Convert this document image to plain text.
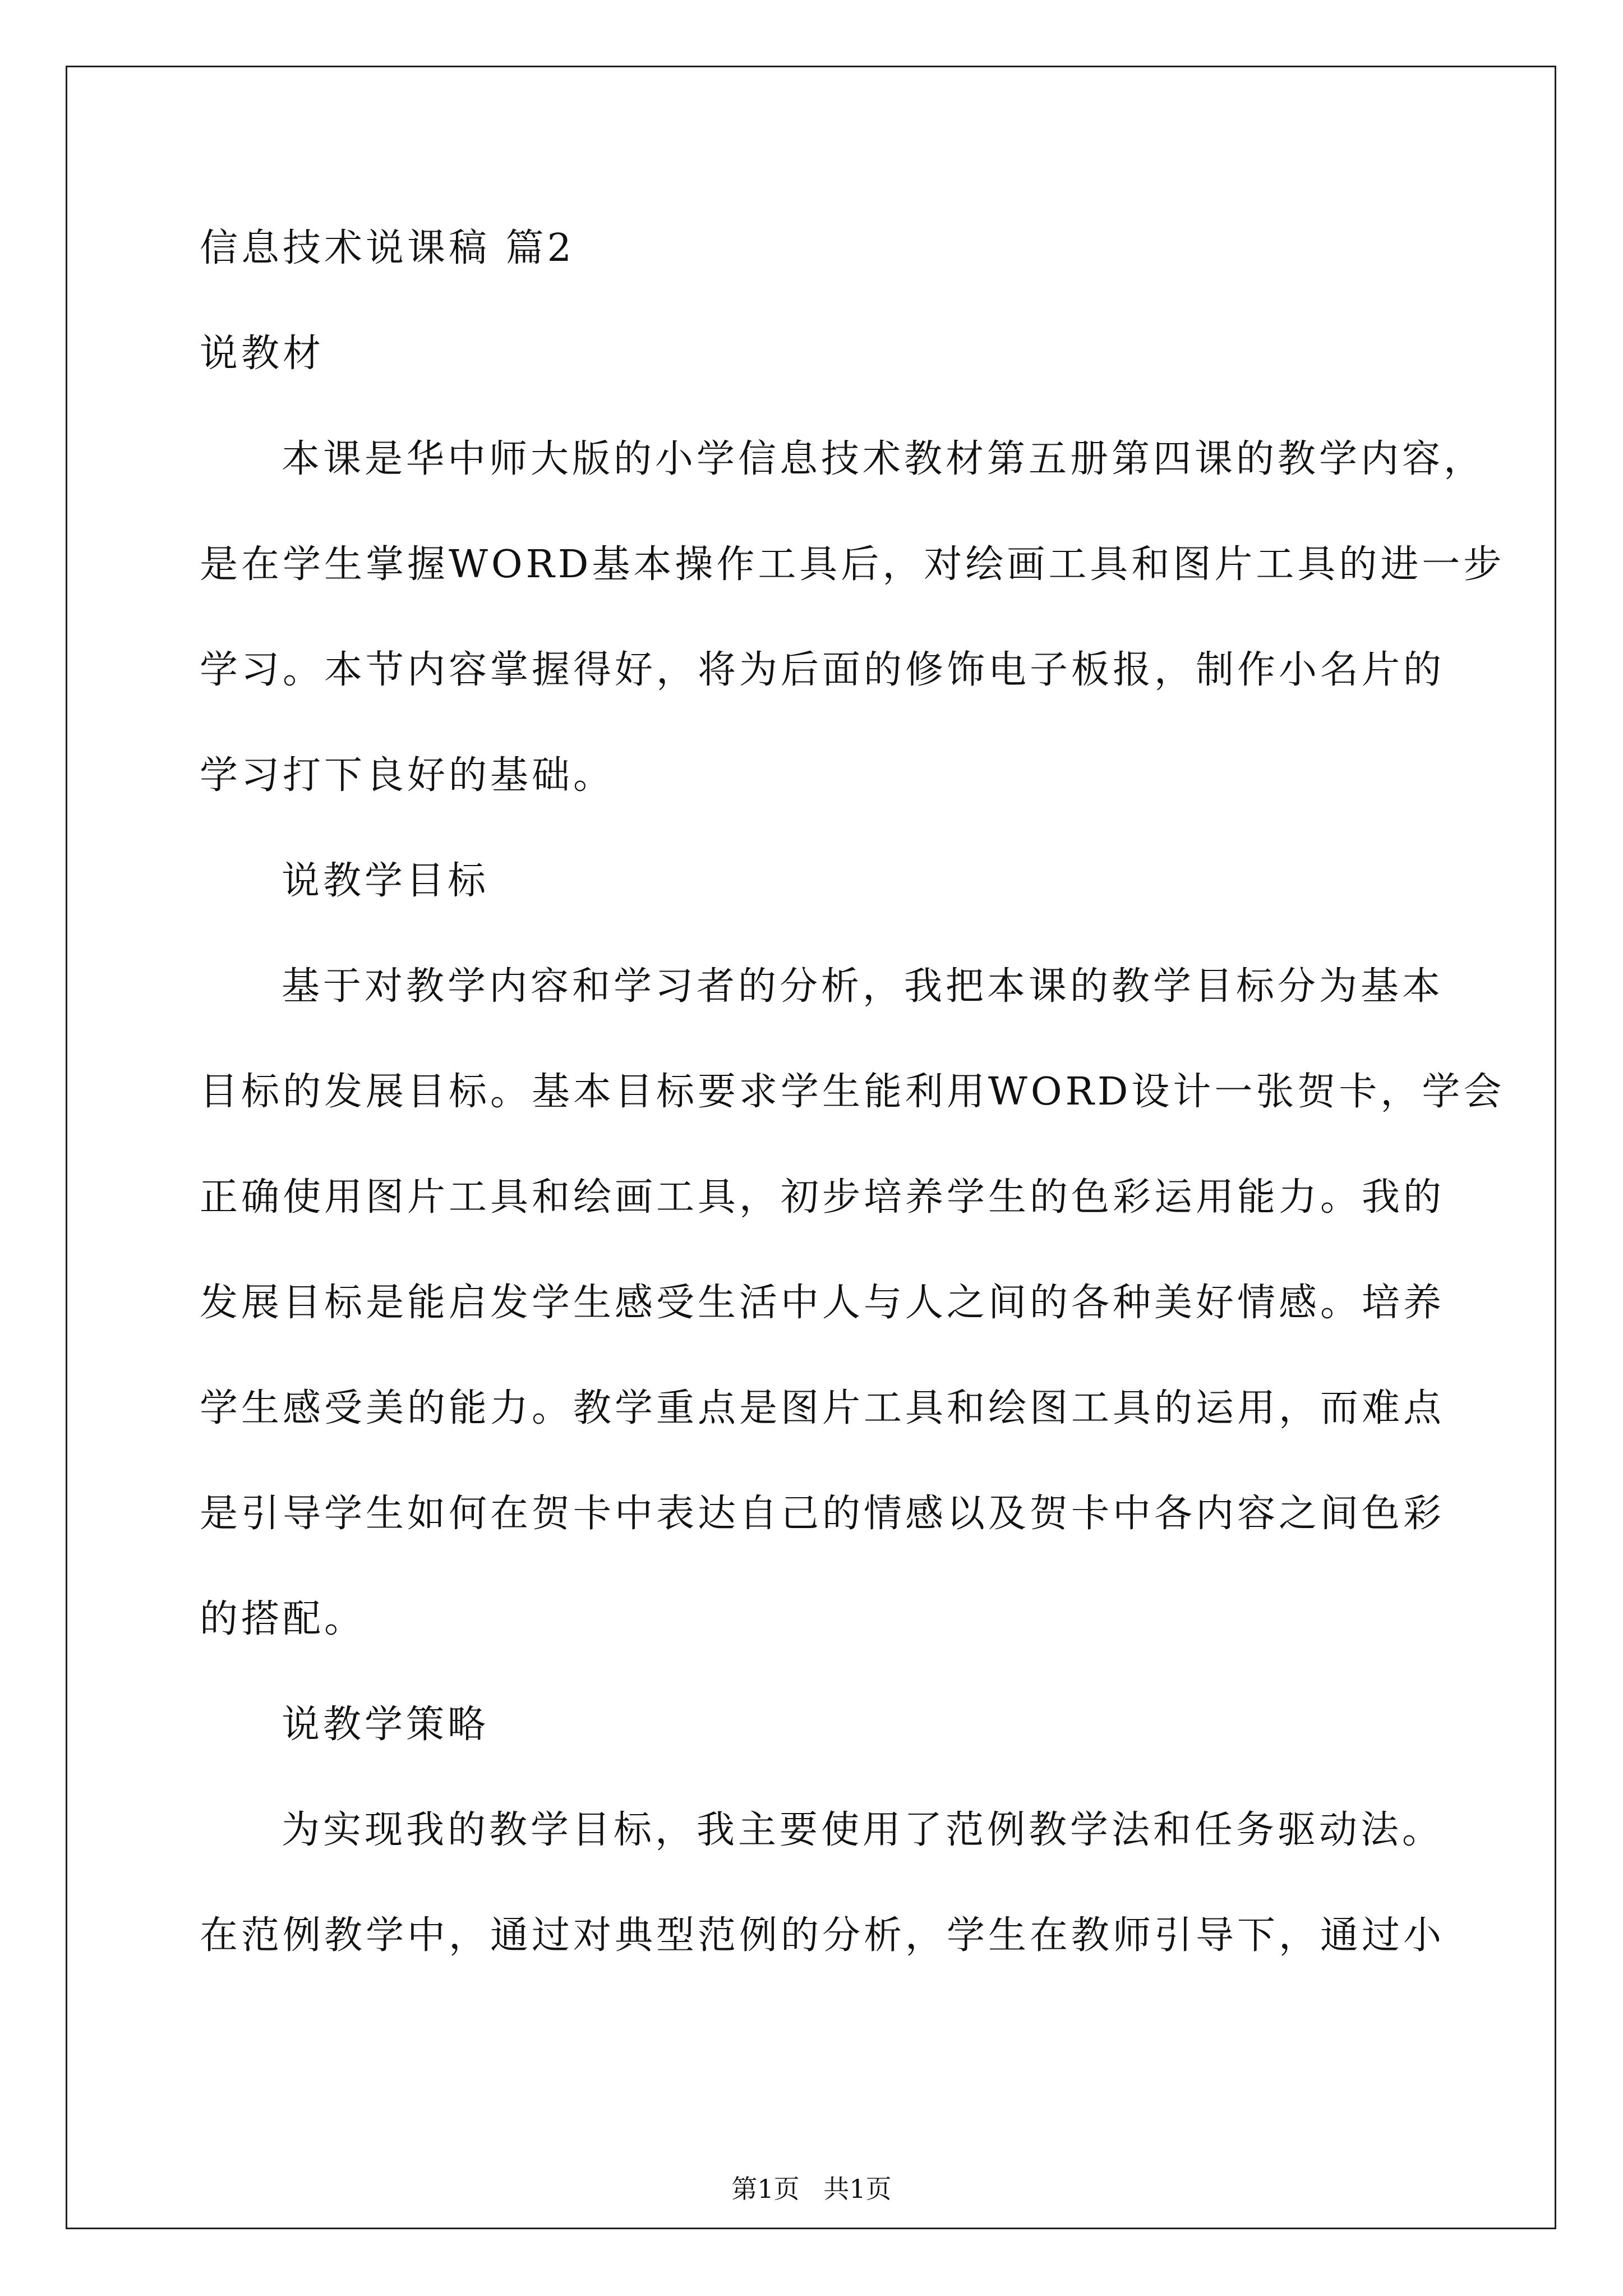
信息技术说课稿 篇2

说教材

本课是华中师大版的小学信息技术教材第五册第四课的教学内容，

是在学生掌握WORD基本操作工具后，对绘画工具和图片工具的进一步

学习。本节内容掌握得好，将为后面的修饰电子板报，制作小名片的

学习打下良好的基础。

说教学目标

基于对教学内容和学习者的分析，我把本课的教学目标分为基本

目标的发展目标。基本目标要求学生能利用WORD设计一张贺卡，学会

正确使用图片工具和绘画工具，初步培养学生的色彩运用能力。我的

发展目标是能启发学生感受生活中人与人之间的各种美好情感。培养

学生感受美的能力。教学重点是图片工具和绘图工具的运用，而难点

是引导学生如何在贺卡中表达自己的情感以及贺卡中各内容之间色彩

的搭配。

说教学策略

为实现我的教学目标，我主要使用了范例教学法和任务驱动法。

在范例教学中，通过对典型范例的分析，学生在教师引导下，通过小

第1页 共1页
